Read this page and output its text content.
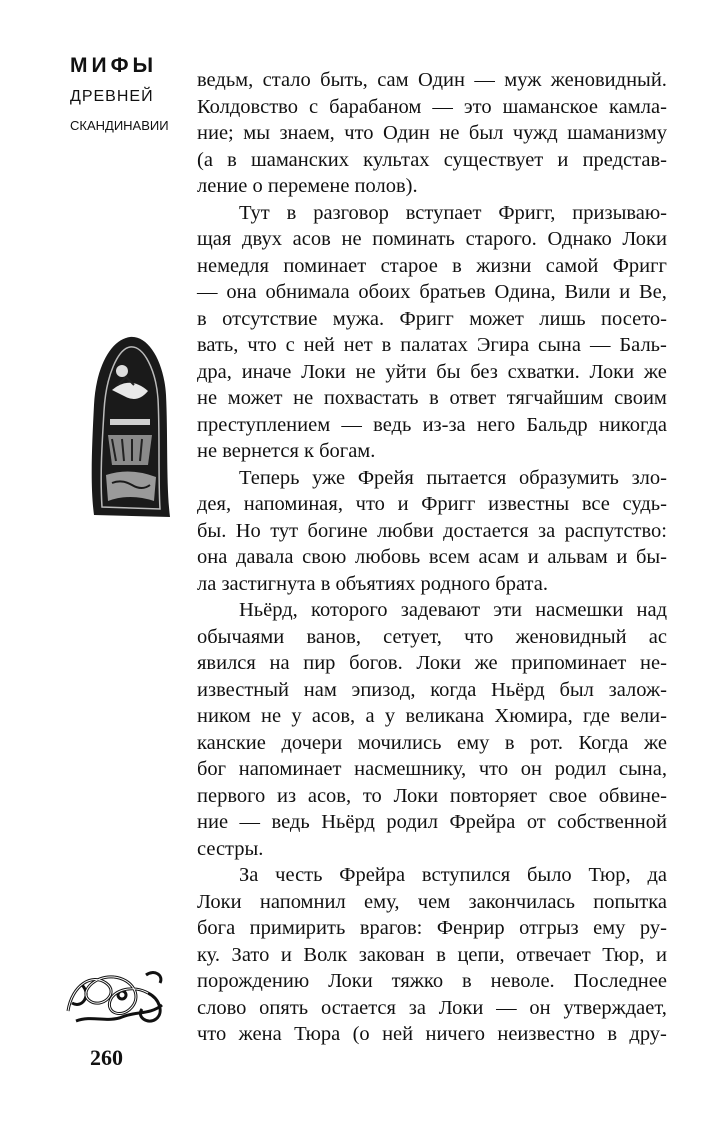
МИФЫ
ДРЕВНЕЙ
СКАНДИНАВИИ
260
ведьм, стало быть, сам Один — муж женовидный.
Колдовство с барабаном — это шаманское камла-
ние; мы знаем, что Один не был чужд шаманизму
(а в шаманских культах существует и представ-
ление о перемене полов).
Тут в разговор вступает Фригг, призываю-
щая двух асов не поминать старого. Однако Локи
немедля поминает старое в жизни самой Фригг
— она обнимала обоих братьев Одина, Вили и Ве,
в отсутствие мужа. Фригг может лишь посето-
вать, что с ней нет в палатах Эгира сына — Баль-
дра, иначе Локи не уйти бы без схватки. Локи же
не может не похвастать в ответ тягчайшим своим
преступлением — ведь из-за него Бальдр никогда
не вернется к богам.
Теперь уже Фрейя пытается образумить зло-
дея, напоминая, что и Фригг известны все судь-
бы. Но тут богине любви достается за распутство:
она давала свою любовь всем асам и альвам и бы-
ла застигнута в объятиях родного брата.
Ньёрд, которого задевают эти насмешки над
обычаями ванов, сетует, что женовидный ас
явился на пир богов. Локи же припоминает не-
известный нам эпизод, когда Ньёрд был залож-
ником не у асов, а у великана Хюмира, где вели-
канские дочери мочились ему в рот. Когда же
бог напоминает насмешнику, что он родил сына,
первого из асов, то Локи повторяет свое обвине-
ние — ведь Ньёрд родил Фрейра от собственной
сестры.
За честь Фрейра вступился было Тюр, да
Локи напомнил ему, чем закончилась попытка
бога примирить врагов: Фенрир отгрыз ему ру-
ку. Зато и Волк закован в цепи, отвечает Тюр, и
порождению Локи тяжко в неволе. Последнее
слово опять остается за Локи — он утверждает,
что жена Тюра (о ней ничего неизвестно в дру-
